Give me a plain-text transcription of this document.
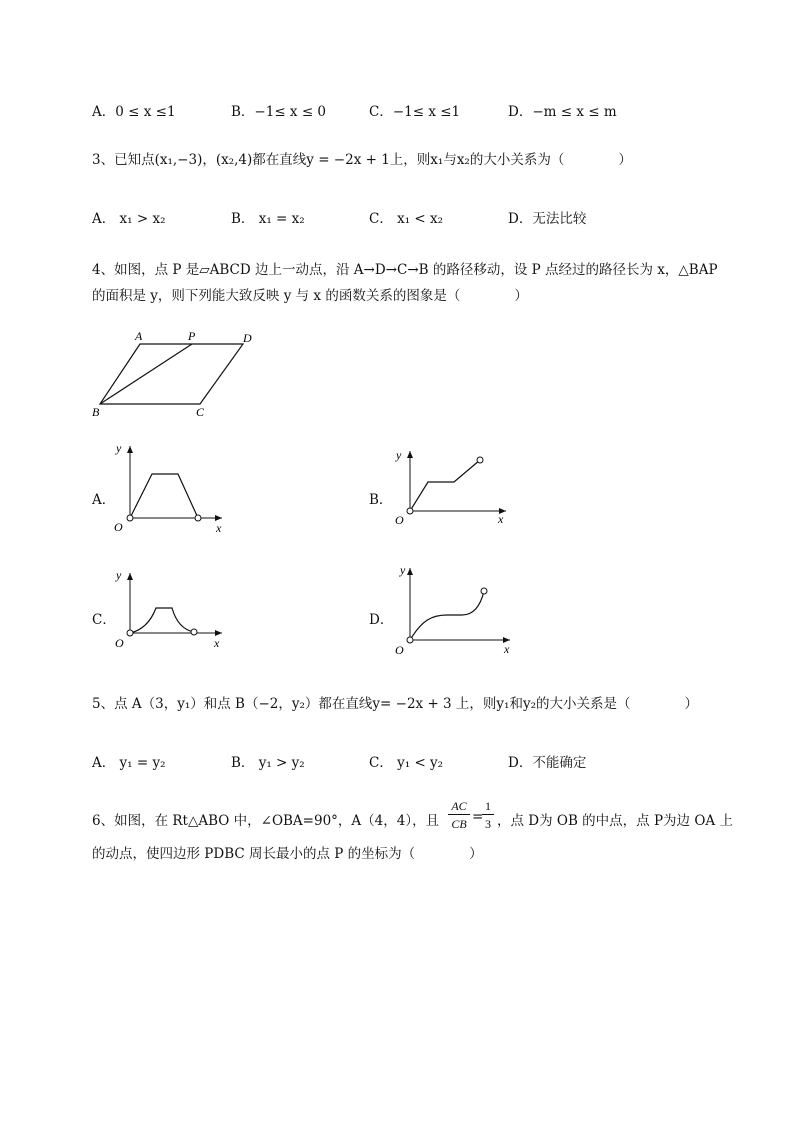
A．0 ≤ x ≤1	B．−1≤ x ≤ 0	C．−1≤ x ≤1	D．−m ≤ x ≤ m
3、已知点(x₁,−3)，(x₂,4)都在直线y = −2x + 1上，则x₁与x₂的大小关系为（　　　　）
A． x₁ > x₂	B． x₁ = x₂	C． x₁ < x₂	D．无法比较
4、如图，点 P 是▱ABCD 边上一动点，沿 A→D→C→B 的路径移动，设 P 点经过的路径长为 x，△BAP
的面积是 y，则下列能大致反映 y 与 x 的函数关系的图象是（　　　　）
A	P	D
B	C
A．
y
x
O
B．
y
x
O
C．
y
x
O
D．
y
x
O
5、点 A（3，y₁）和点 B（−2，y₂）都在直线y= −2x + 3 上，则y₁和y₂的大小关系是（　　　　）
A． y₁ = y₂	B． y₁ > y₂	C． y₁ < y₂	D．不能确定
6、如图，在 Rt△ABO 中，∠OBA=90°，A（4，4），且
AC
CB =
1
3 ，点 D为 OB 的中点，点 P为边 OA 上
的动点，使四边形 PDBC 周长最小的点 P 的坐标为（　　　　）
